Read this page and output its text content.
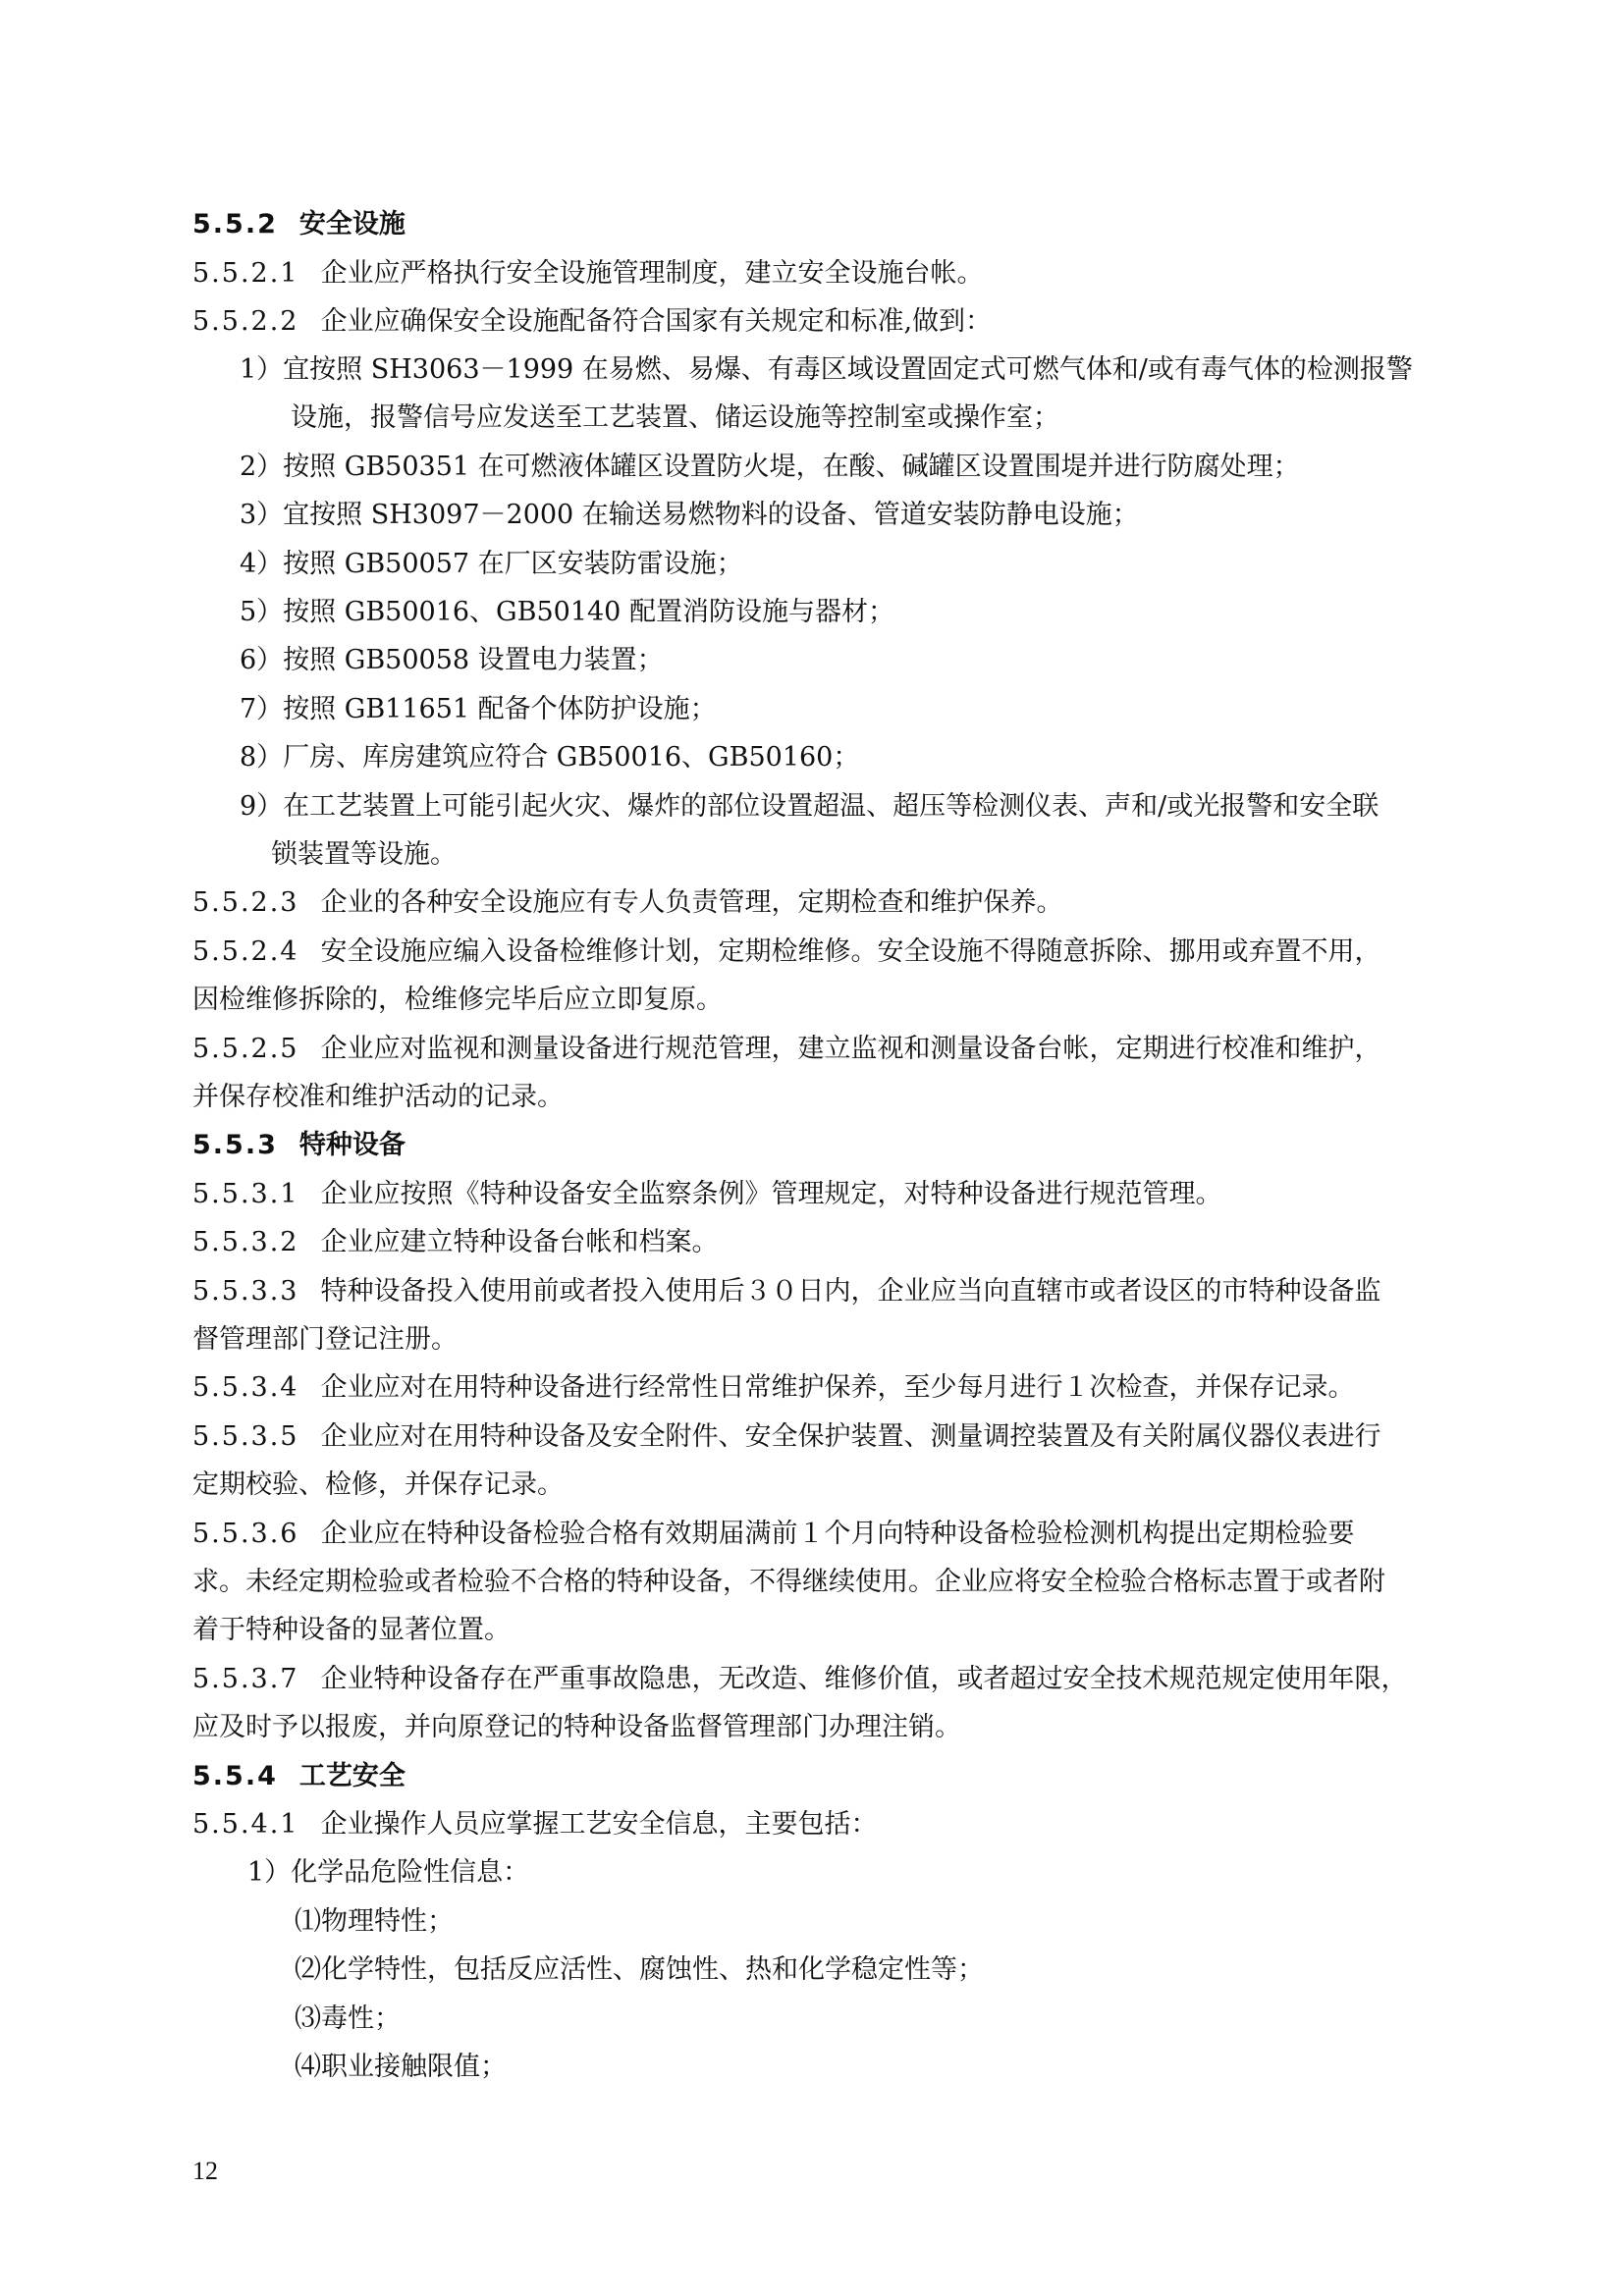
5.5.2 安全设施
5.5.2.1 企业应严格执行安全设施管理制度，建立安全设施台帐。
5.5.2.2 企业应确保安全设施配备符合国家有关规定和标准,做到：
1）宜按照 SH3063－1999 在易燃、易爆、有毒区域设置固定式可燃气体和/或有毒气体的检测报警
设施，报警信号应发送至工艺装置、储运设施等控制室或操作室；
2）按照 GB50351 在可燃液体罐区设置防火堤，在酸、碱罐区设置围堤并进行防腐处理；
3）宜按照 SH3097－2000 在输送易燃物料的设备、管道安装防静电设施；
4）按照 GB50057 在厂区安装防雷设施；
5）按照 GB50016、GB50140 配置消防设施与器材；
6）按照 GB50058 设置电力装置；
7）按照 GB11651 配备个体防护设施；
8）厂房、库房建筑应符合 GB50016、GB50160；
9）在工艺装置上可能引起火灾、爆炸的部位设置超温、超压等检测仪表、声和/或光报警和安全联
锁装置等设施。
5.5.2.3 企业的各种安全设施应有专人负责管理，定期检查和维护保养。
5.5.2.4 安全设施应编入设备检维修计划，定期检维修。安全设施不得随意拆除、挪用或弃置不用，
因检维修拆除的，检维修完毕后应立即复原。
5.5.2.5 企业应对监视和测量设备进行规范管理，建立监视和测量设备台帐，定期进行校准和维护，
并保存校准和维护活动的记录。
5.5.3 特种设备
5.5.3.1 企业应按照《特种设备安全监察条例》管理规定，对特种设备进行规范管理。
5.5.3.2 企业应建立特种设备台帐和档案。
5.5.3.3 特种设备投入使用前或者投入使用后３０日内，企业应当向直辖市或者设区的市特种设备监
督管理部门登记注册。
5.5.3.4 企业应对在用特种设备进行经常性日常维护保养，至少每月进行１次检查，并保存记录。
5.5.3.5 企业应对在用特种设备及安全附件、安全保护装置、测量调控装置及有关附属仪器仪表进行
定期校验、检修，并保存记录。
5.5.3.6 企业应在特种设备检验合格有效期届满前１个月向特种设备检验检测机构提出定期检验要
求。未经定期检验或者检验不合格的特种设备，不得继续使用。企业应将安全检验合格标志置于或者附
着于特种设备的显著位置。
5.5.3.7 企业特种设备存在严重事故隐患，无改造、维修价值，或者超过安全技术规范规定使用年限，
应及时予以报废，并向原登记的特种设备监督管理部门办理注销。
5.5.4 工艺安全
5.5.4.1 企业操作人员应掌握工艺安全信息，主要包括：
1）化学品危险性信息：
⑴物理特性；
⑵化学特性，包括反应活性、腐蚀性、热和化学稳定性等；
⑶毒性；
⑷职业接触限值；
12
